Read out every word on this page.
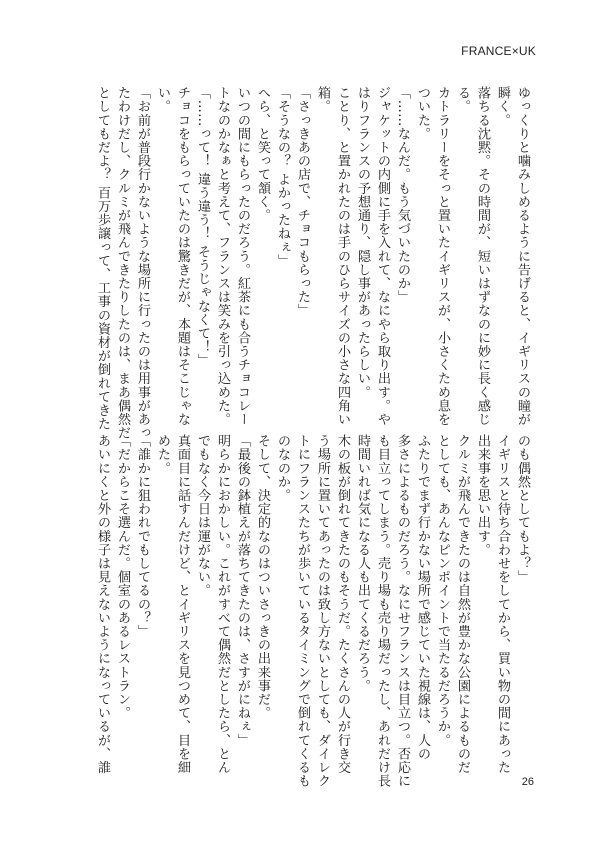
FRANCE×UK
ゆっくりと噛みしめるように告げると、イギリスの瞳が
瞬く。
落ちる沈黙。その時間が、短いはずなのに妙に長く感じ
る。
カトラリーをそっと置いたイギリスが、小さくため息を
ついた。
「……なんだ。もう気づいたのか」
ジャケットの内側に手を入れて、なにやら取り出す。や
はりフランスの予想通り、隠し事があったらしい。
ことり、と置かれたのは手のひらサイズの小さな四角い
箱。
「さっきあの店で、チョコもらった」
「そうなの？ よかったねぇ」
へら、と笑って頷く。
いつの間にもらったのだろう。紅茶にも合うチョコレー
トなのかなぁと考えて、フランスは笑みを引っ込めた。
「……って！ 違う違う！ そうじゃなくて！」
チョコをもらっていたのは驚きだが、本題はそこじゃな
い。
「お前が普段行かないような場所に行ったのは用事があっ
たわけだし、クルミが飛んできたりしたのは、まあ偶然だ
としてもだよ？ 百万歩譲って、工事の資材が倒れてきた
のも偶然としてもよ？」
イギリスと待ち合わせをしてから、買い物の間にあった
出来事を思い出す。
クルミが飛んできたのは自然が豊かな公園によるものだ
としても、あんなピンポイントで当たるだろうか。
ふたりでまず行かない場所で感じていた視線は、人の
多さによるものだろう。なにせフランスは目立つ。否応に
も目立ってしまう。売り場も売り場だったし、あれだけ長
時間いれば気になる人も出てくるだろう。
木の板が倒れてきたのもそうだ。たくさんの人が行き交
う場所に置いてあったのは致し方ないとしても、ダイレク
トにフランスたちが歩いているタイミングで倒れてくるも
のなのか。
そして、決定的なのはついさっきの出来事だ。
「最後の鉢植えが落ちてきたのは、さすがにねぇ」
明らかにおかしい。これがすべて偶然だとしたら、とん
でもなく今日は運がない。
真面目に話すんだけど、とイギリスを見つめて、目を細
めた。
「誰かに狙われでもしてるの？」
「だからこそ選んだ。個室のあるレストラン。
あいにくと外の様子は見えないようになっているが、誰
26
